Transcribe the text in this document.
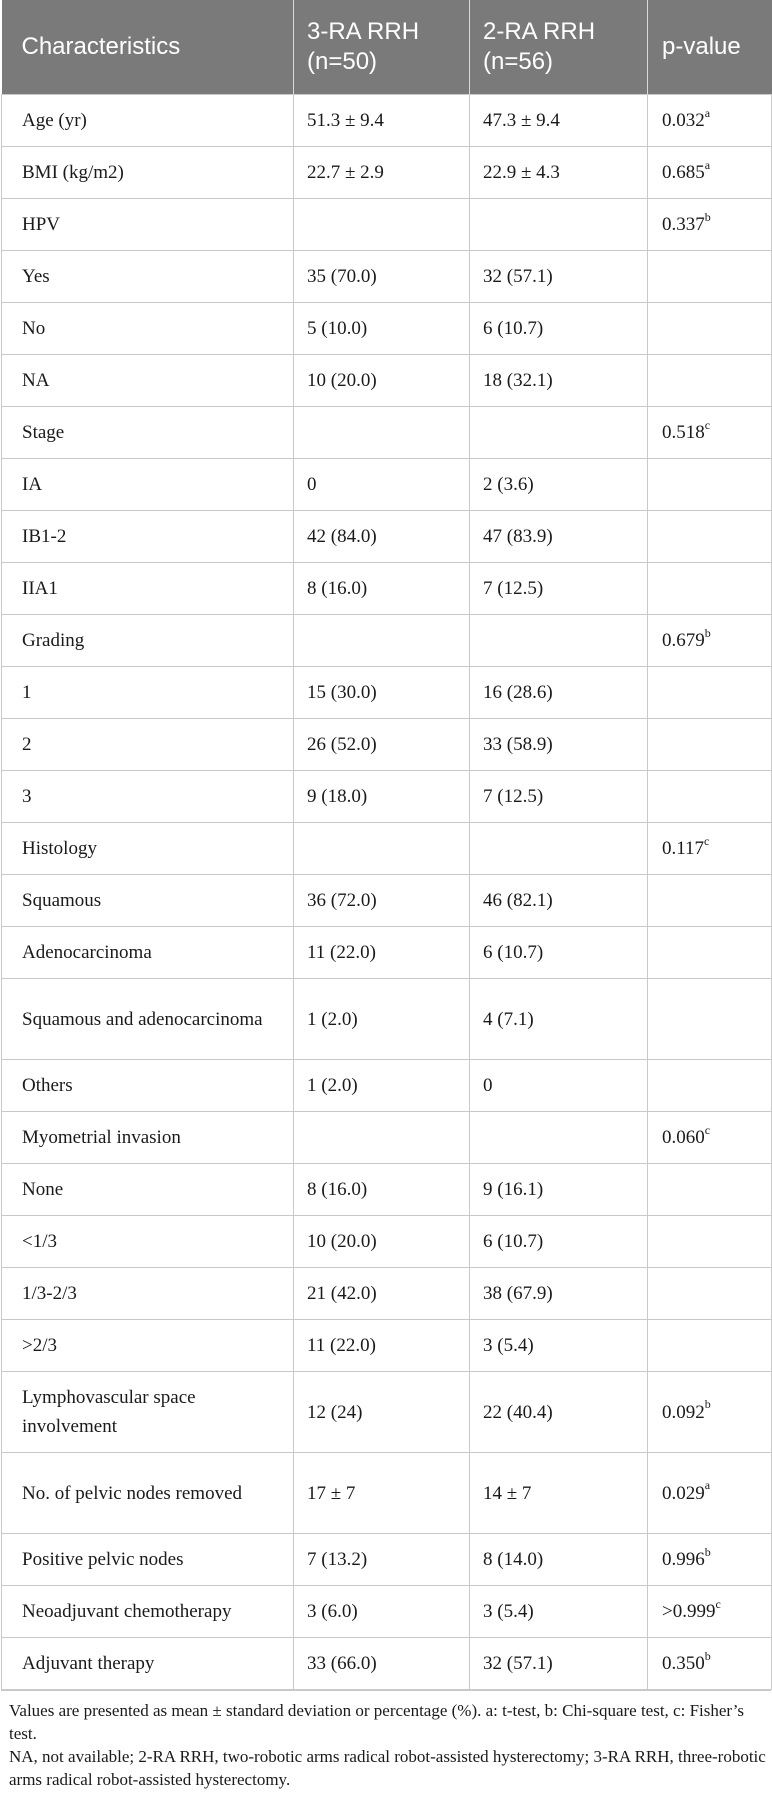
Characteristics	3-RA RRH (n=50)	2-RA RRH (n=56)	p-value
Age (yr)	51.3 ± 9.4	47.3 ± 9.4	0.032$^a$
BMI (kg/m2)	22.7 ± 2.9	22.9 ± 4.3	0.685$^a$
HPV			0.337$^b$
Yes	35 (70.0)	32 (57.1)	
No	5 (10.0)	6 (10.7)	
NA	10 (20.0)	18 (32.1)	
Stage			0.518$^c$
IA	0	2 (3.6)	
IB1-2	42 (84.0)	47 (83.9)	
IIA1	8 (16.0)	7 (12.5)	
Grading			0.679$^b$
1	15 (30.0)	16 (28.6)	
2	26 (52.0)	33 (58.9)	
3	9 (18.0)	7 (12.5)	
Histology			0.117$^c$
Squamous	36 (72.0)	46 (82.1)	
Adenocarcinoma	11 (22.0)	6 (10.7)	
Squamous and adenocarcinoma	1 (2.0)	4 (7.1)	
Others	1 (2.0)	0	
Myometrial invasion			0.060$^c$
None	8 (16.0)	9 (16.1)	
<1/3	10 (20.0)	6 (10.7)	
1/3-2/3	21 (42.0)	38 (67.9)	
>2/3	11 (22.0)	3 (5.4)	
Lymphovascular space involvement	12 (24)	22 (40.4)	0.092$^b$
No. of pelvic nodes removed	17 ± 7	14 ± 7	0.029$^a$
Positive pelvic nodes	7 (13.2)	8 (14.0)	0.996$^b$
Neoadjuvant chemotherapy	3 (6.0)	3 (5.4)	>0.999$^c$
Adjuvant therapy	33 (66.0)	32 (57.1)	0.350$^b$

Values are presented as mean ± standard deviation or percentage (%). a: t-test, b: Chi-square test, c: Fisher’s test.

NA, not available; 2-RA RRH, two-robotic arms radical robot-assisted hysterectomy; 3-RA RRH, three-robotic arms radical robot-assisted hysterectomy.
